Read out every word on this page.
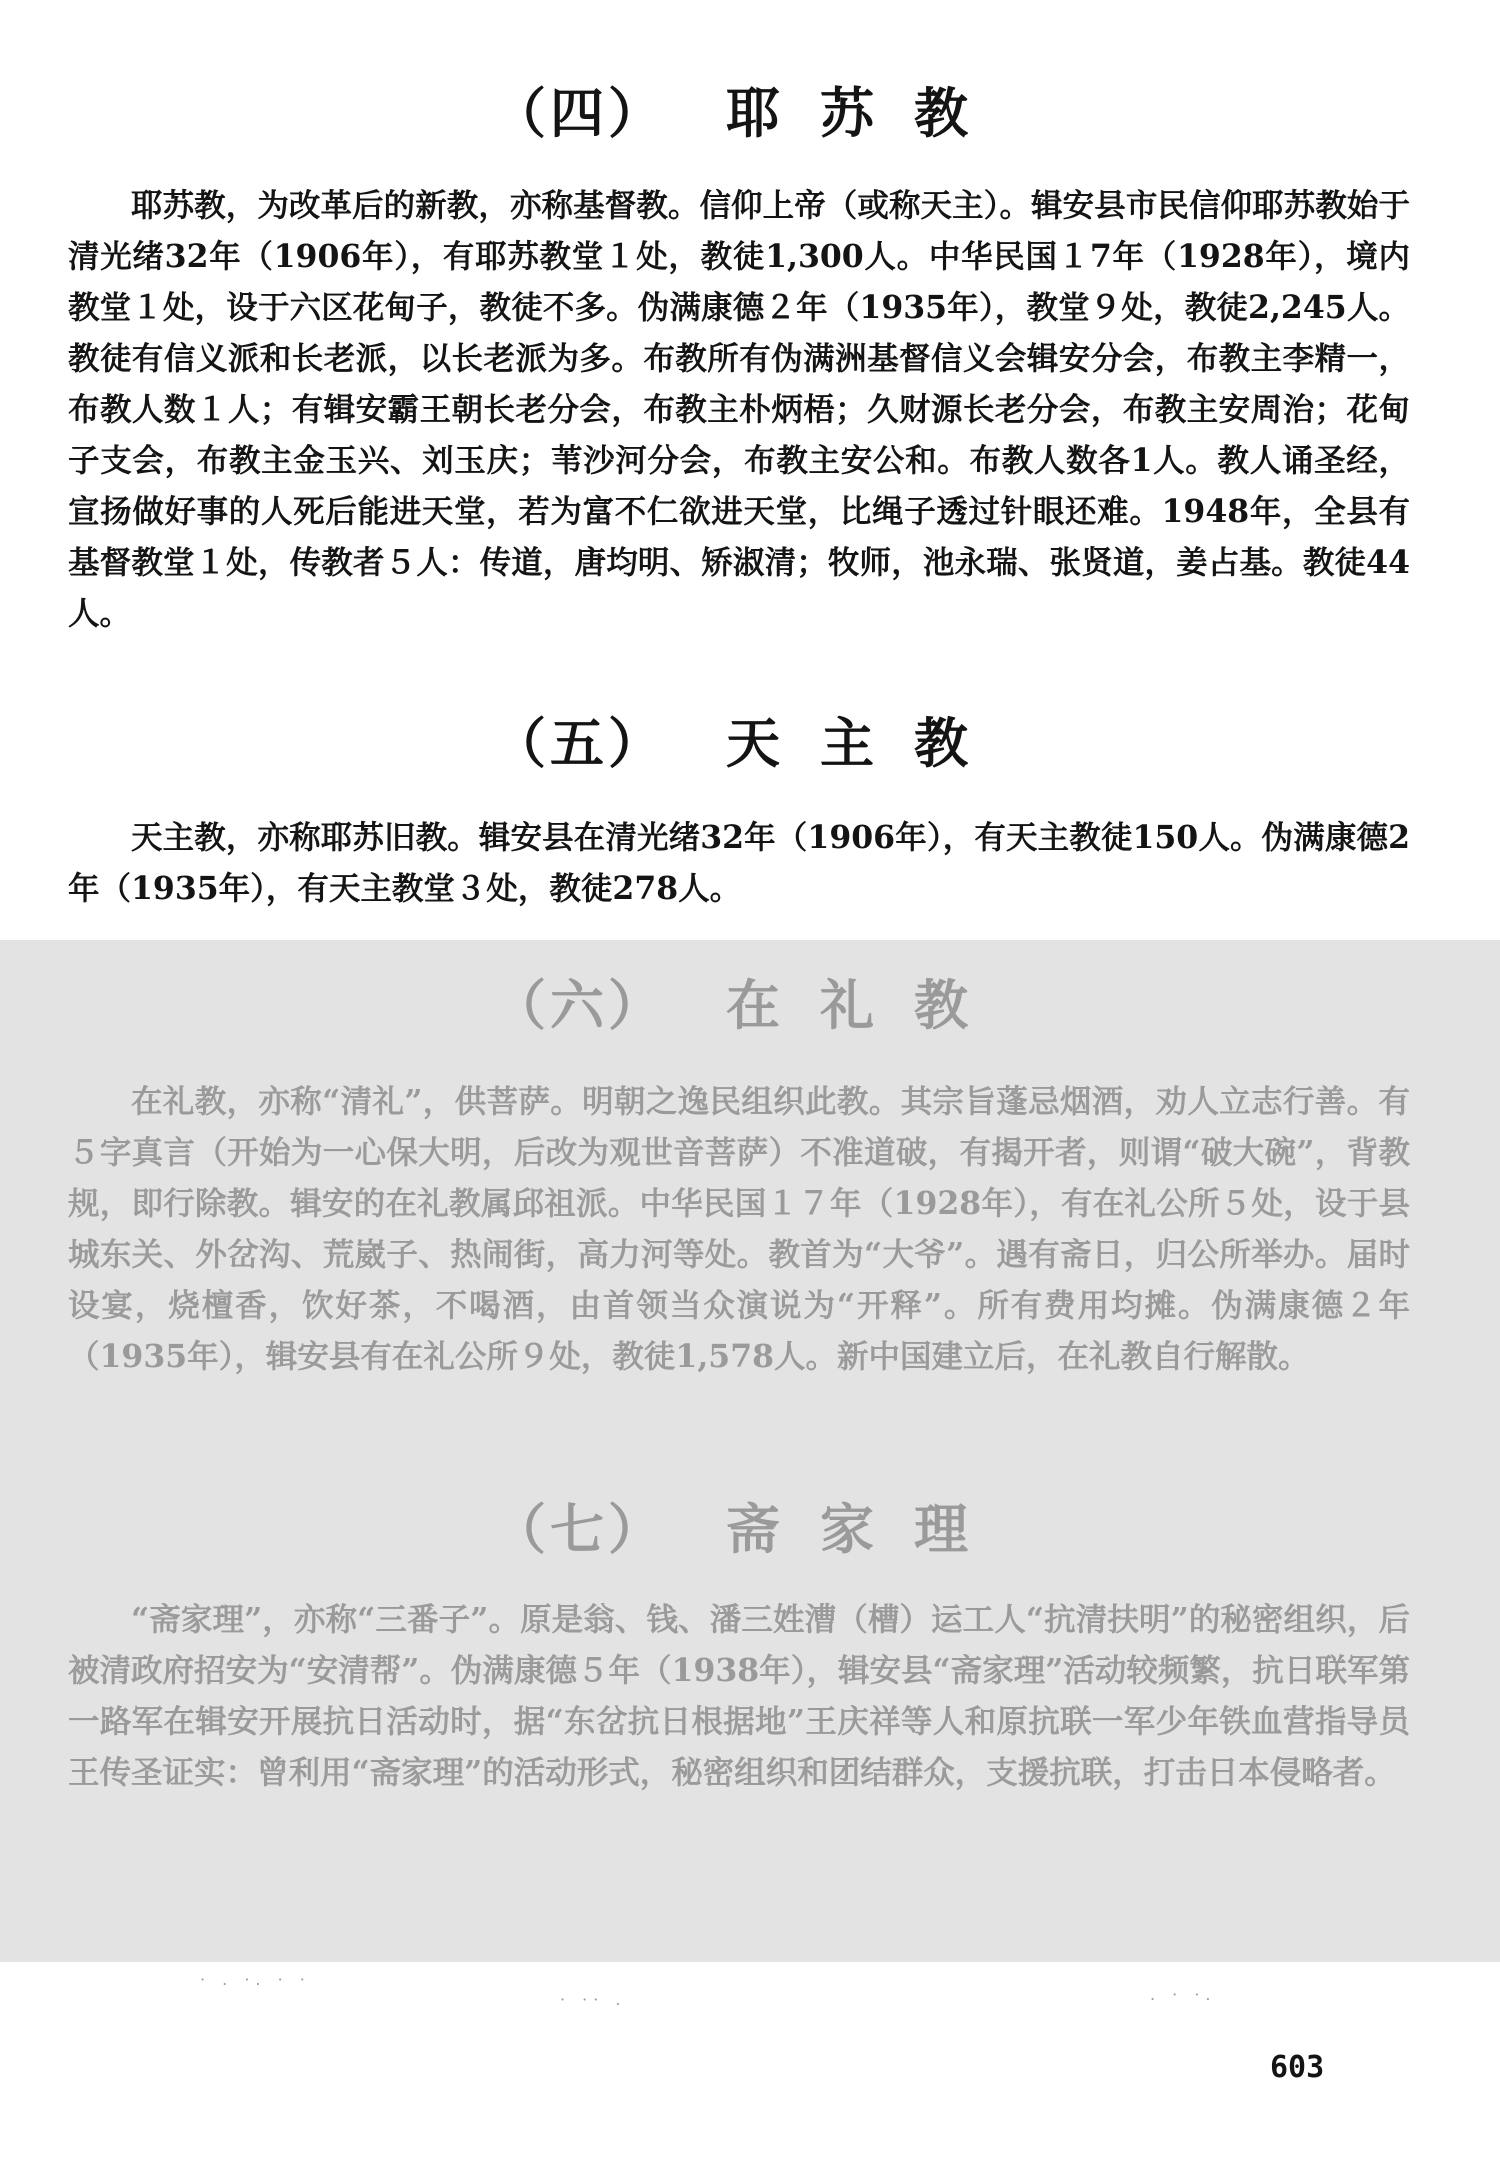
（四） 耶苏教

耶苏教，为改革后的新教，亦称基督教。信仰上帝（或称天主）。辑安县市民信仰耶苏教始于清光绪32年（1906年），有耶苏教堂１处，教徒1,300人。中华民国１7年（1928年），境内教堂１处，设于六区花甸子，教徒不多。伪满康德２年（1935年），教堂９处，教徒2,245人。教徒有信义派和长老派，以长老派为多。布教所有伪满洲基督信义会辑安分会，布教主李精一，布教人数１人；有辑安霸王朝长老分会，布教主朴炳梧；久财源长老分会，布教主安周治；花甸子支会，布教主金玉兴、刘玉庆；苇沙河分会，布教主安公和。布教人数各1人。教人诵圣经，宣扬做好事的人死后能进天堂，若为富不仁欲进天堂，比绳子透过针眼还难。1948年，全县有基督教堂１处，传教者５人：传道，唐均明、矫淑清；牧师，池永瑞、张贤道，姜占基。教徒44人。

（五） 天主教

天主教，亦称耶苏旧教。辑安县在清光绪32年（1906年），有天主教徒150人。伪满康德2年（1935年），有天主教堂３处，教徒278人。

（六） 在礼教

在礼教，亦称“清礼”，供菩萨。明朝之逸民组织此教。其宗旨蓬忌烟酒，劝人立志行善。有５字真言（开始为一心保大明，后改为观世音菩萨）不准道破，有揭开者，则谓“破大碗”，背教规，即行除教。辑安的在礼教属邱祖派。中华民国１７年（1928年），有在礼公所５处，设于县城东关、外岔沟、荒崴子、热闹街，高力河等处。教首为“大爷”。遇有斋日，归公所举办。届时设宴，烧檀香，饮好茶，不喝酒，由首领当众演说为“开释”。所有费用均摊。伪满康德２年（1935年），辑安县有在礼公所９处，教徒1,578人。新中国建立后，在礼教自行解散。

（七） 斋家理

“斋家理”，亦称“三番子”。原是翁、钱、潘三姓漕（槽）运工人“抗清扶明”的秘密组织，后被清政府招安为“安清帮”。伪满康德５年（1938年），辑安县“斋家理”活动较频繁，抗日联军第一路军在辑安开展抗日活动时，据“东岔抗日根据地”王庆祥等人和原抗联一军少年铁血营指导员王传圣证实：曾利用“斋家理”的活动形式，秘密组织和团结群众，支援抗联，打击日本侵略者。

· . ·. · ·
· ·· .	. · ·.
603
